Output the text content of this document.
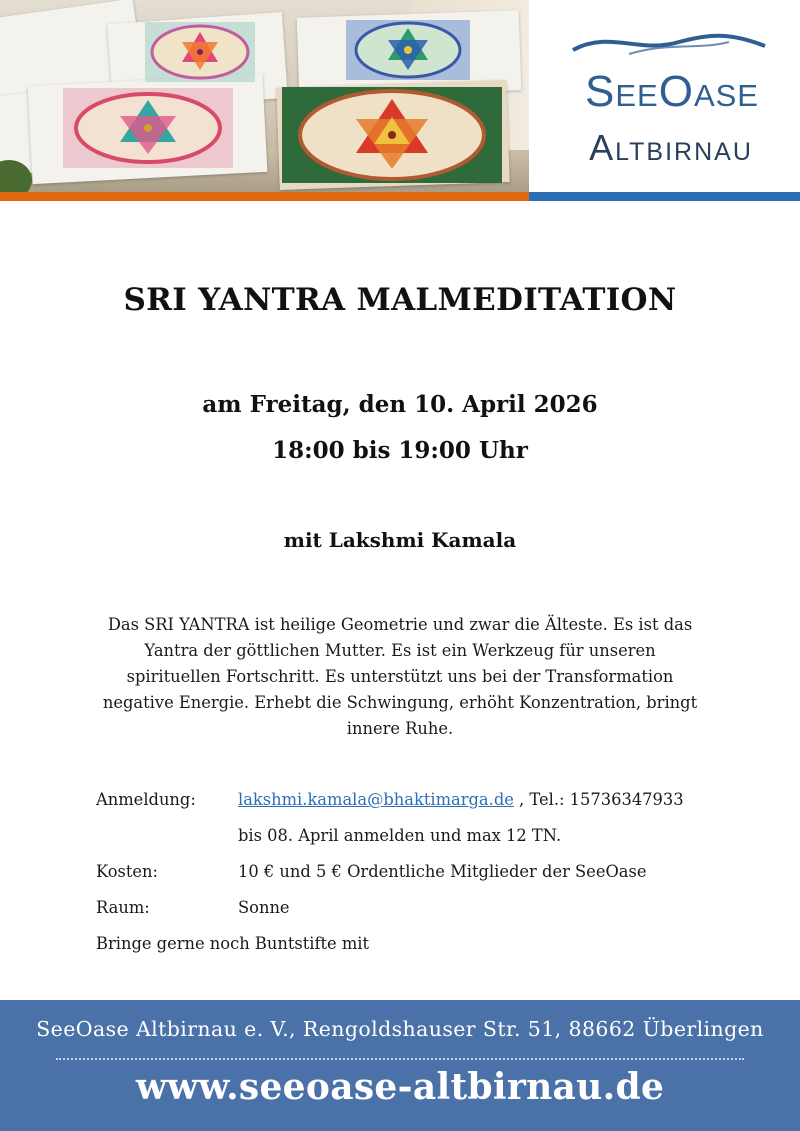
SeeOase
Altbirnau
SRI YANTRA MALMEDITATION
am Freitag, den 10. April 2026
18:00 bis 19:00 Uhr
mit Lakshmi Kamala
Das SRI YANTRA ist heilige Geometrie und zwar die Älteste. Es ist das Yantra der göttlichen Mutter. Es ist ein Werkzeug für unseren spirituellen Fortschritt. Es unterstützt uns bei der Transformation negative Energie. Erhebt die Schwingung, erhöht Konzentration, bringt innere Ruhe.
Anmeldung:	lakshmi.kamala@bhaktimarga.de , Tel.: 15736347933
bis 08. April anmelden und max 12 TN.
Kosten:	10 € und 5 € Ordentliche Mitglieder der SeeOase
Raum:	Sonne
Bringe gerne noch Buntstifte mit
SeeOase Altbirnau e. V., Rengoldshauser Str. 51, 88662 Überlingen
www.seeoase-altbirnau.de
